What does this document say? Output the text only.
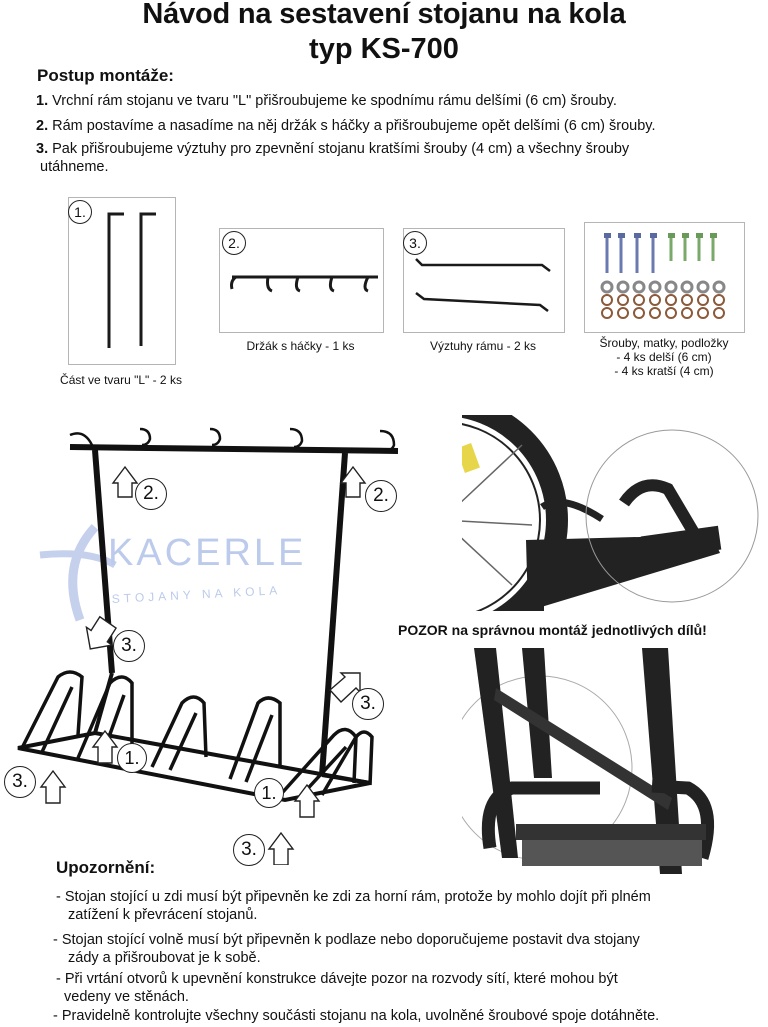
Návod na sestavení stojanu na kola
typ KS-700
Postup montáže:
1. Vrchní rám stojanu ve tvaru "L" přišroubujeme ke spodnímu rámu delšími (6 cm) šrouby.
2. Rám postavíme a nasadíme na něj držák s háčky a přišroubujeme opět delšími (6 cm) šrouby.
3. Pak přišroubujeme výztuhy pro zpevnění stojanu kratšími šrouby (4 cm) a všechny šrouby
utáhneme.
1.
Část ve tvaru "L" - 2 ks
2.
Držák s háčky - 1 ks
3.
Výztuhy rámu - 2 ks	Šrouby, matky, podložky
- 4 ks delší (6 cm)
- 4 ks kratší (4 cm)
KACERLE
STOJANY NA KOLA
2.	2.
3.
3.
1.
3.
1.
3.
POZOR na správnou montáž jednotlivých dílů!
Upozornění:
- Stojan stojící u zdi musí být připevněn ke zdi za horní rám, protože by mohlo dojít při plném
zatížení k převrácení stojanů.
- Stojan stojící volně musí být připevněn k podlaze nebo doporučujeme postavit dva stojany
zády a přišroubovat je k sobě.
- Při vrtání otvorů k upevnění konstrukce dávejte pozor na rozvody sítí, které mohou být
vedeny ve stěnách.
- Pravidelně kontrolujte všechny součásti stojanu na kola, uvolněné šroubové spoje dotáhněte.
